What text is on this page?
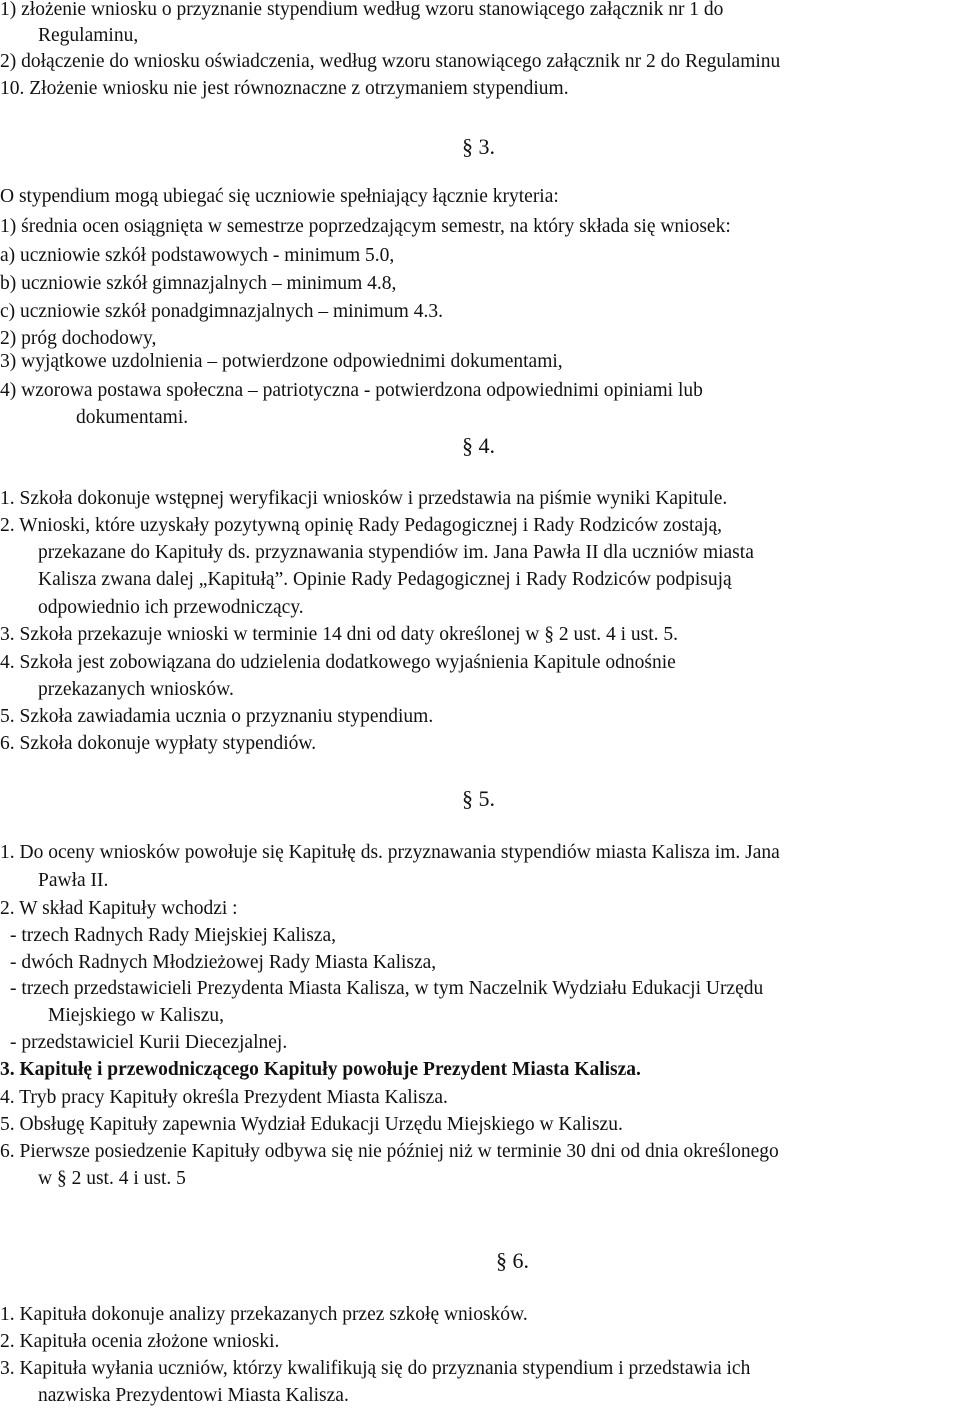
1) złożenie wniosku o przyznanie stypendium według wzoru stanowiącego załącznik nr 1 do
Regulaminu,
2) dołączenie do wniosku oświadczenia, według wzoru stanowiącego załącznik nr 2 do Regulaminu
10. Złożenie wniosku nie jest równoznaczne z otrzymaniem stypendium.
§ 3.
O stypendium mogą ubiegać się uczniowie spełniający łącznie kryteria:
1) średnia ocen osiągnięta w semestrze poprzedzającym semestr, na który składa się wniosek:
a) uczniowie szkół podstawowych - minimum 5.0,
b) uczniowie szkół gimnazjalnych – minimum 4.8,
c) uczniowie szkół ponadgimnazjalnych – minimum 4.3.
2) próg dochodowy,
3) wyjątkowe uzdolnienia – potwierdzone odpowiednimi dokumentami,
4) wzorowa postawa społeczna – patriotyczna - potwierdzona odpowiednimi opiniami lub
dokumentami.
§ 4.
1. Szkoła dokonuje wstępnej weryfikacji wniosków i przedstawia na piśmie wyniki Kapitule.
2. Wnioski, które uzyskały pozytywną opinię Rady Pedagogicznej i Rady Rodziców zostają,
przekazane do Kapituły ds. przyznawania stypendiów im. Jana Pawła II dla uczniów miasta
Kalisza zwana dalej „Kapitułą”. Opinie Rady Pedagogicznej i Rady Rodziców podpisują
odpowiednio ich przewodniczący.
3. Szkoła przekazuje wnioski w terminie 14 dni od daty określonej w § 2 ust. 4 i ust. 5.
4. Szkoła jest zobowiązana do udzielenia dodatkowego wyjaśnienia Kapitule odnośnie
przekazanych wniosków.
5. Szkoła zawiadamia ucznia o przyznaniu stypendium.
6. Szkoła dokonuje wypłaty stypendiów.
§ 5.
1. Do oceny wniosków powołuje się Kapitułę ds. przyznawania stypendiów miasta Kalisza im. Jana
Pawła II.
2. W skład Kapituły wchodzi :
- trzech Radnych Rady Miejskiej Kalisza,
- dwóch Radnych Młodzieżowej Rady Miasta Kalisza,
- trzech przedstawicieli Prezydenta Miasta Kalisza, w tym Naczelnik Wydziału Edukacji Urzędu
Miejskiego w Kaliszu,
- przedstawiciel Kurii Diecezjalnej.
3. Kapitułę i przewodniczącego Kapituły powołuje Prezydent Miasta Kalisza.
4. Tryb pracy Kapituły określa Prezydent Miasta Kalisza.
5. Obsługę Kapituły zapewnia Wydział Edukacji Urzędu Miejskiego w Kaliszu.
6. Pierwsze posiedzenie Kapituły odbywa się nie później niż w terminie 30 dni od dnia określonego
w § 2 ust. 4 i ust. 5
§ 6.
1. Kapituła dokonuje analizy przekazanych przez szkołę wniosków.
2. Kapituła ocenia złożone wnioski.
3. Kapituła wyłania uczniów, którzy kwalifikują się do przyznania stypendium i przedstawia ich
nazwiska Prezydentowi Miasta Kalisza.
